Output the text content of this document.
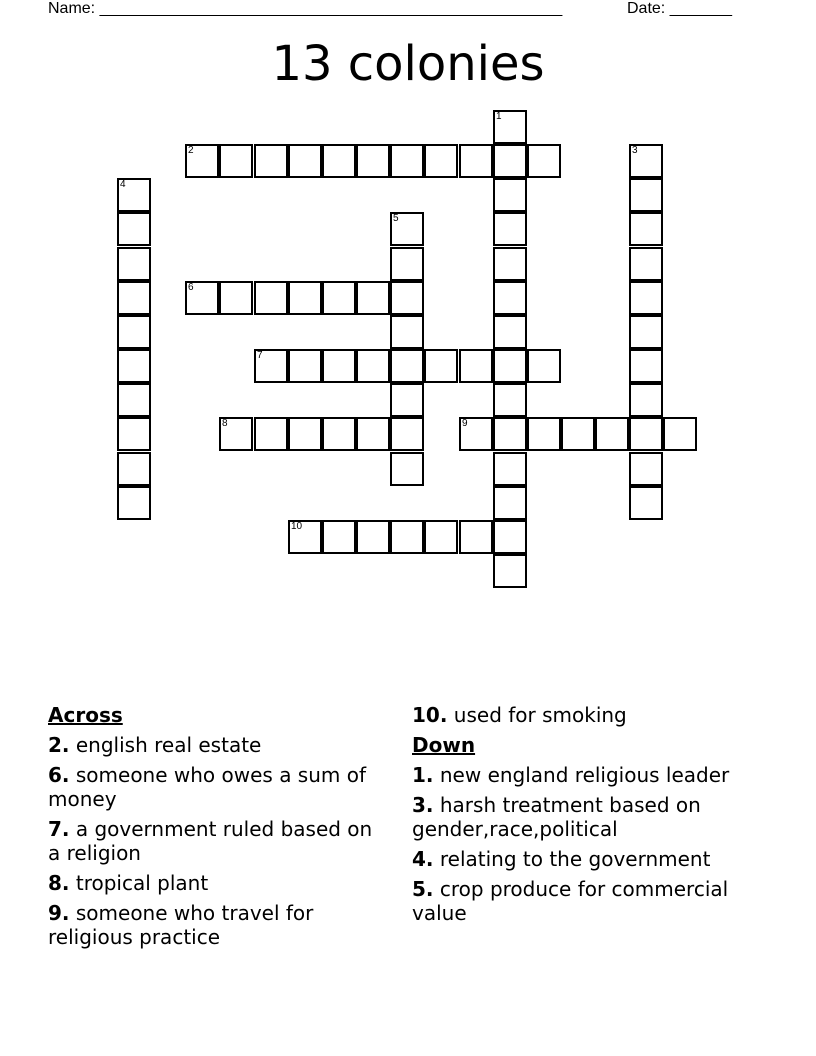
Name: ____________________________________________________	Date: _______
13 colonies
1
2	3
4
5
6
7
8	9
10
Across
2. english real estate
6. someone who owes a sum of money
7. a government ruled based on a religion
8. tropical plant
9. someone who travel for religious practice
10. used for smoking
Down
1. new england religious leader
3. harsh treatment based on gender,race,political
4. relating to the government
5. crop produce for commercial value
